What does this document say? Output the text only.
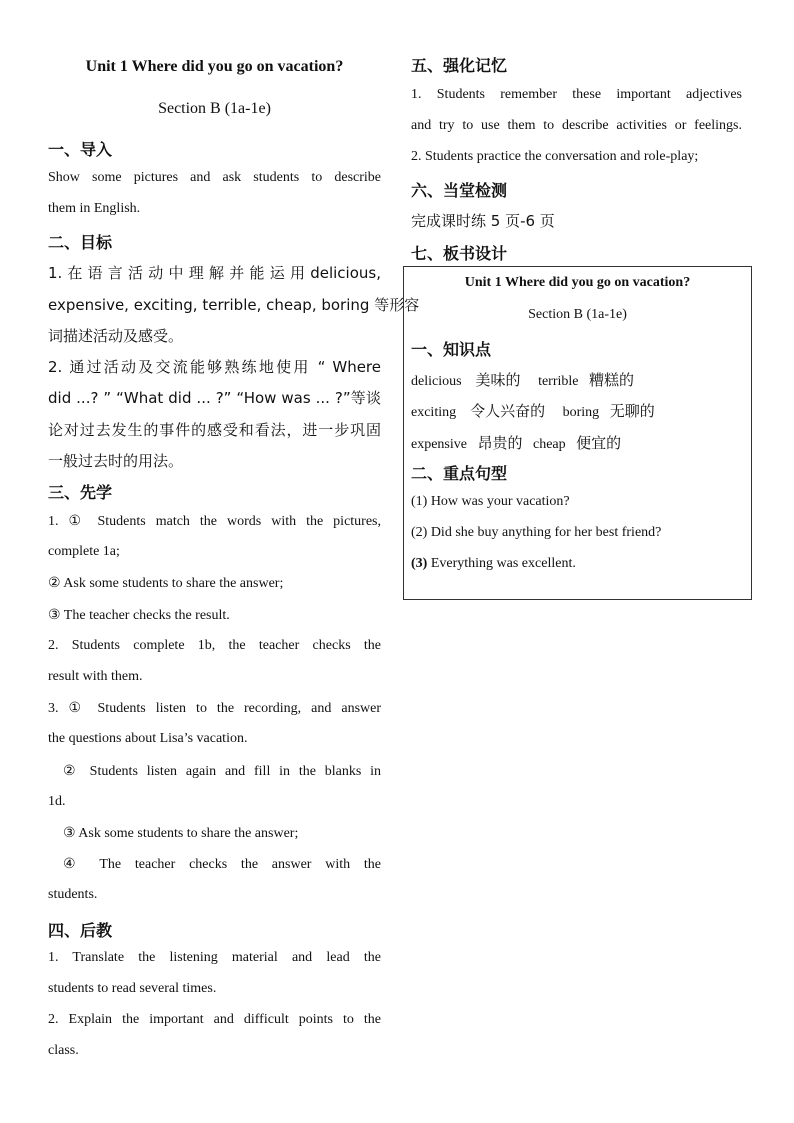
Unit 1 Where did you go on vacation?
Section B (1a-1e)
一、导入
Show some pictures and ask students to describe
them in English.
二、目标
1. 在 语 言 活 动 中 理 解 并 能 运 用 delicious,
expensive, exciting, terrible, cheap, boring 等形容
词描述活动及感受。
2. 通过活动及交流能够熟练地使用 “ Where
did ...? ” “What did ... ?” “How was ... ?”等谈
论对过去发生的事件的感受和看法，进一步巩固
一般过去时的用法。
三、先学
1. ① Students match the words with the pictures,
complete 1a;
② Ask some students to share the answer;
③ The teacher checks the result.
2. Students complete 1b, the teacher checks the
result with them.
3. ① Students listen to the recording, and answer
the questions about Lisa’s vacation.
② Students listen again and fill in the blanks in
1d.
③ Ask some students to share the answer;
④ The teacher checks the answer with the
students.
四、后教
1. Translate the listening material and lead the
students to read several times.
2. Explain the important and difficult points to the
class.
五、强化记忆
1. Students remember these important adjectives
and try to use them to describe activities or feelings.
2. Students practice the conversation and role-play;
六、当堂检测
完成课时练 5 页-6 页
七、板书设计
Unit 1 Where did you go on vacation?
Section B (1a-1e)
一、知识点
delicious 美味的 terrible 糟糕的
exciting 令人兴奋的 boring 无聊的
expensive 昂贵的 cheap 便宜的
二、重点句型
(1) How was your vacation?
(2) Did she buy anything for her best friend?
(3) Everything was excellent.
